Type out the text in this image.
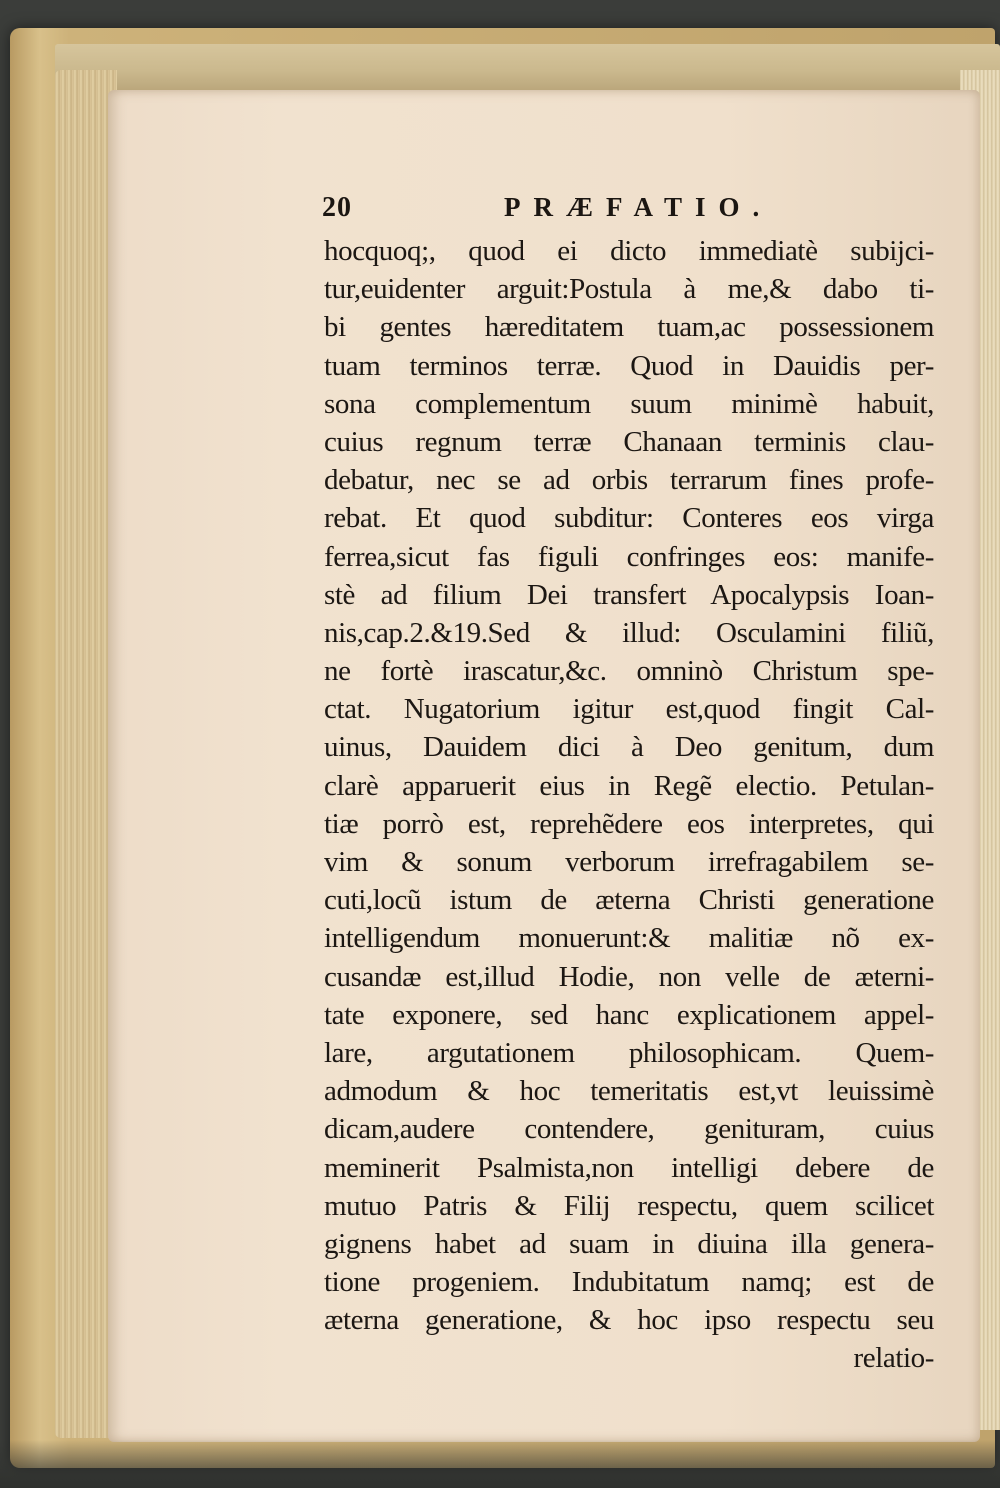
20	PRÆFATIO.
hocquoq;, quod ei dicto immediatè subijci-
tur,euidenter arguit:Postula à me,& dabo ti-
bi gentes hæreditatem tuam,ac possessionem
tuam terminos terræ. Quod in Dauidis per-
sona complementum suum minimè habuit,
cuius regnum terræ Chanaan terminis clau-
debatur, nec se ad orbis terrarum fines profe-
rebat. Et quod subditur: Conteres eos virga
ferrea,sicut fas figuli confringes eos: manife-
stè ad filium Dei transfert Apocalypsis Ioan-
nis,cap.2.&19.Sed & illud: Osculamini filiũ,
ne fortè irascatur,&c. omninò Christum spe-
ctat. Nugatorium igitur est,quod fingit Cal-
uinus, Dauidem dici à Deo genitum, dum
clarè apparuerit eius in Regẽ electio. Petulan-
tiæ porrò est, reprehẽdere eos interpretes, qui
vim & sonum verborum irrefragabilem se-
cuti,locũ istum de æterna Christi generatione
intelligendum monuerunt:& malitiæ nõ ex-
cusandæ est,illud Hodie, non velle de æterni-
tate exponere, sed hanc explicationem appel-
lare, argutationem philosophicam. Quem-
admodum & hoc temeritatis est,vt leuissimè
dicam,audere contendere, genituram, cuius
meminerit Psalmista,non intelligi debere de
mutuo Patris & Filij respectu, quem scilicet
gignens habet ad suam in diuina illa genera-
tione progeniem. Indubitatum namq; est de
æterna generatione, & hoc ipso respectu seu
relatio-
